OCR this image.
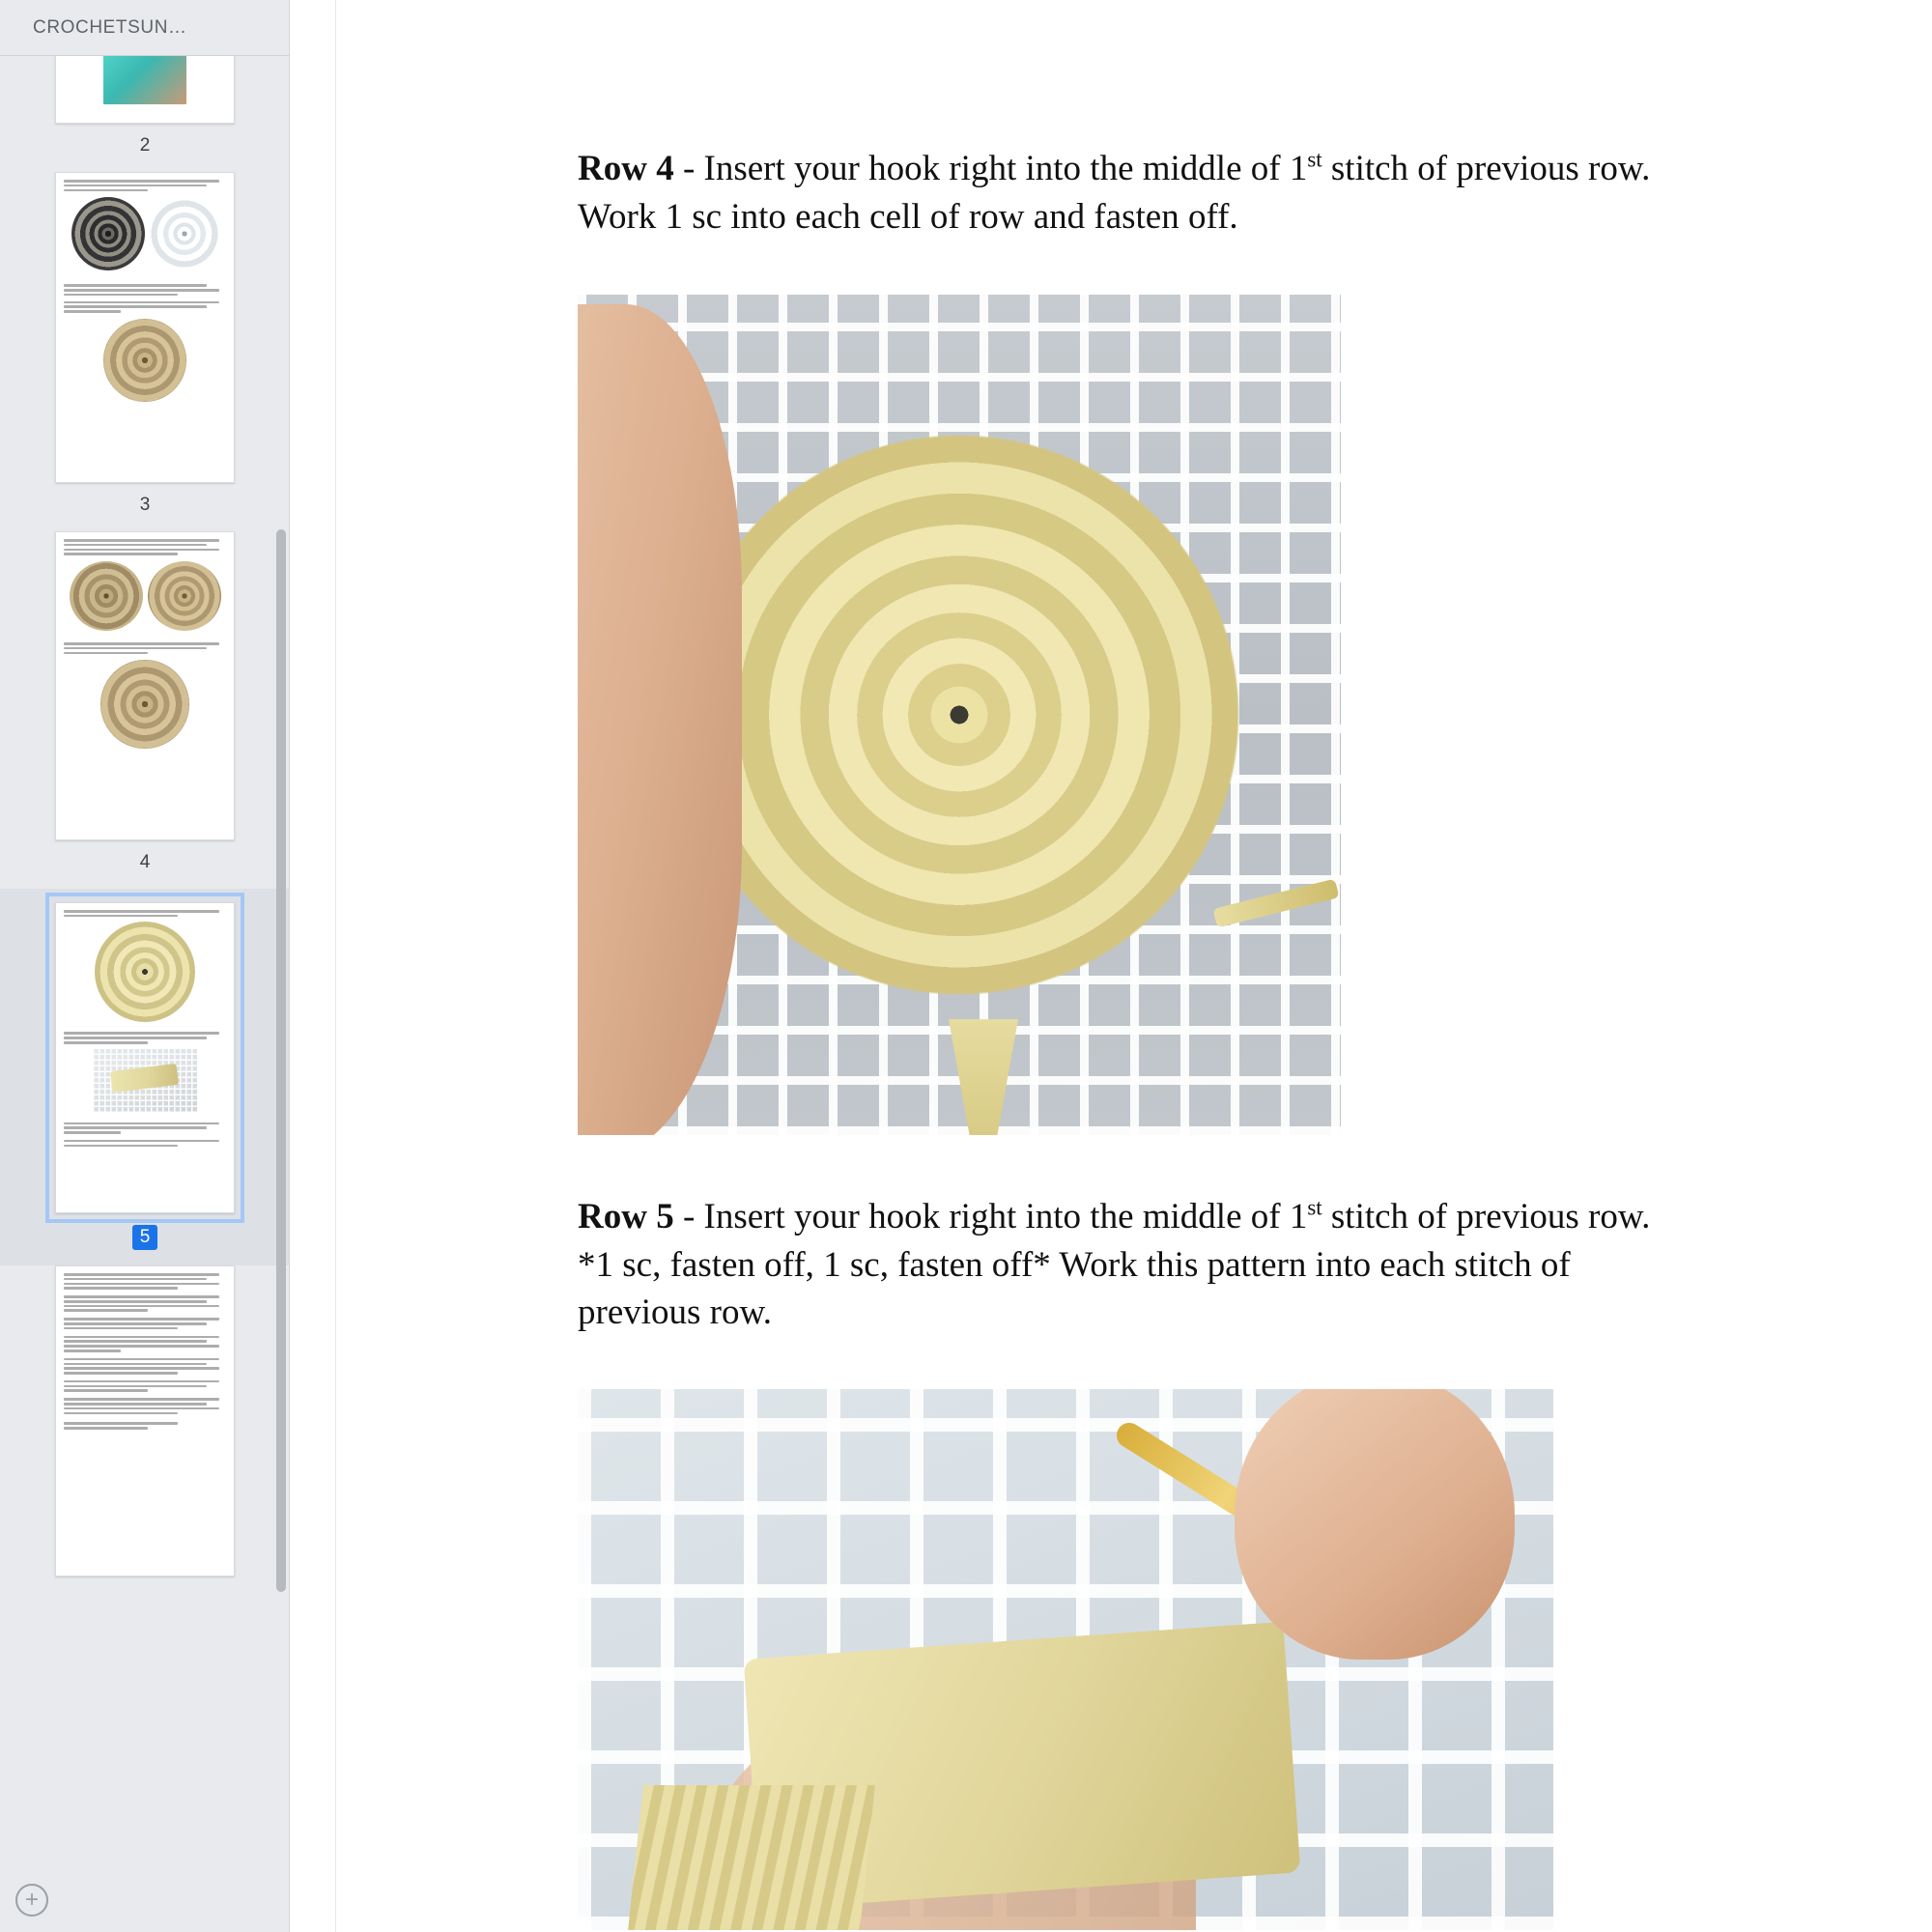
CROCHETSUN…
2
3
4
5
+

Row 4 - Insert your hook right into the middle of 1st stitch of previous row. Work 1 sc into each cell of row and fasten off.

Row 5 - Insert your hook right into the middle of 1st stitch of previous row. *1 sc, fasten off, 1 sc, fasten off* Work this pattern into each stitch of previous row.
